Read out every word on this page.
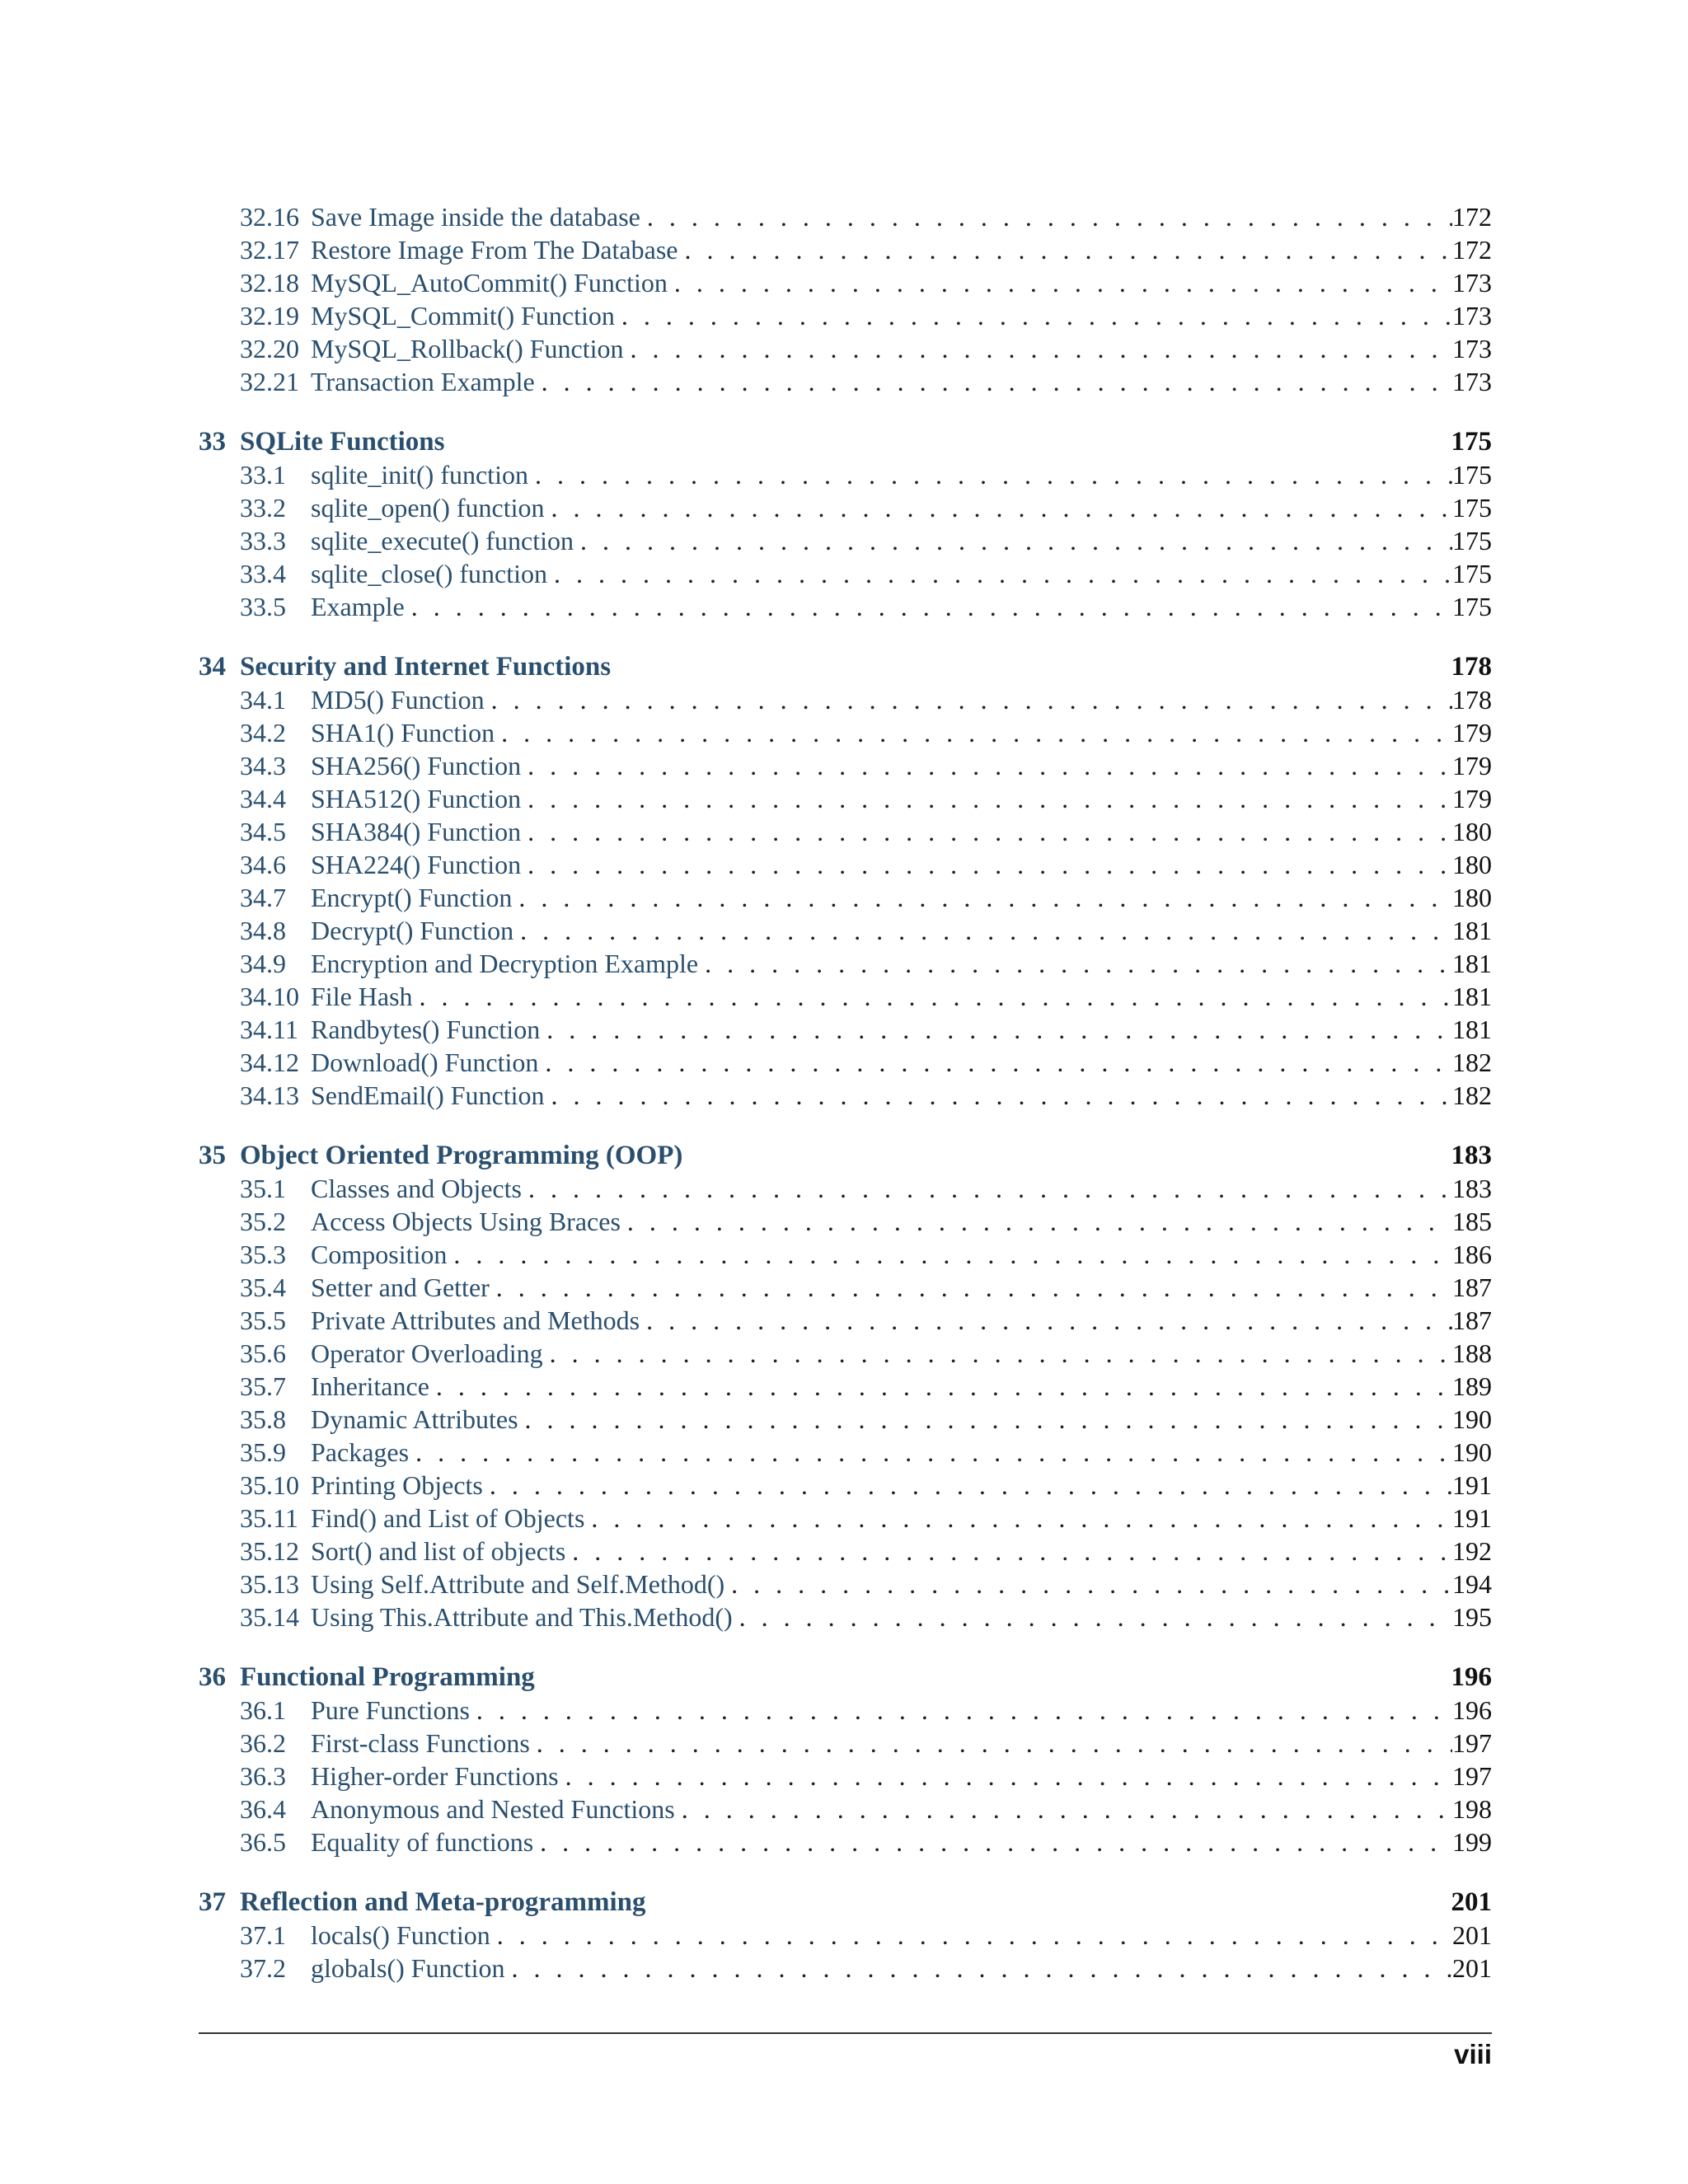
32.16 Save Image inside the database . . .	172
32.17 Restore Image From The Database . . .	172
32.18 MySQL_AutoCommit() Function . . .	173
32.19 MySQL_Commit() Function . . .	173
32.20 MySQL_Rollback() Function . . .	173
32.21 Transaction Example . . .	173
33 SQLite Functions	175
33.1 sqlite_init() function . . .	175
33.2 sqlite_open() function . . .	175
33.3 sqlite_execute() function . . .	175
33.4 sqlite_close() function . . .	175
33.5 Example . . .	175
34 Security and Internet Functions	178
34.1 MD5() Function . . .	178
34.2 SHA1() Function . . .	179
34.3 SHA256() Function . . .	179
34.4 SHA512() Function . . .	179
34.5 SHA384() Function . . .	180
34.6 SHA224() Function . . .	180
34.7 Encrypt() Function . . .	180
34.8 Decrypt() Function . . .	181
34.9 Encryption and Decryption Example . . .	181
34.10 File Hash . . .	181
34.11 Randbytes() Function . . .	181
34.12 Download() Function . . .	182
34.13 SendEmail() Function . . .	182
35 Object Oriented Programming (OOP)	183
35.1 Classes and Objects . . .	183
35.2 Access Objects Using Braces . . .	185
35.3 Composition . . .	186
35.4 Setter and Getter . . .	187
35.5 Private Attributes and Methods . . .	187
35.6 Operator Overloading . . .	188
35.7 Inheritance . . .	189
35.8 Dynamic Attributes . . .	190
35.9 Packages . . .	190
35.10 Printing Objects . . .	191
35.11 Find() and List of Objects . . .	191
35.12 Sort() and list of objects . . .	192
35.13 Using Self.Attribute and Self.Method() . . .	194
35.14 Using This.Attribute and This.Method() . . .	195
36 Functional Programming	196
36.1 Pure Functions . . .	196
36.2 First-class Functions . . .	197
36.3 Higher-order Functions . . .	197
36.4 Anonymous and Nested Functions . . .	198
36.5 Equality of functions . . .	199
37 Reflection and Meta-programming	201
37.1 locals() Function . . .	201
37.2 globals() Function . . .	201
viii
